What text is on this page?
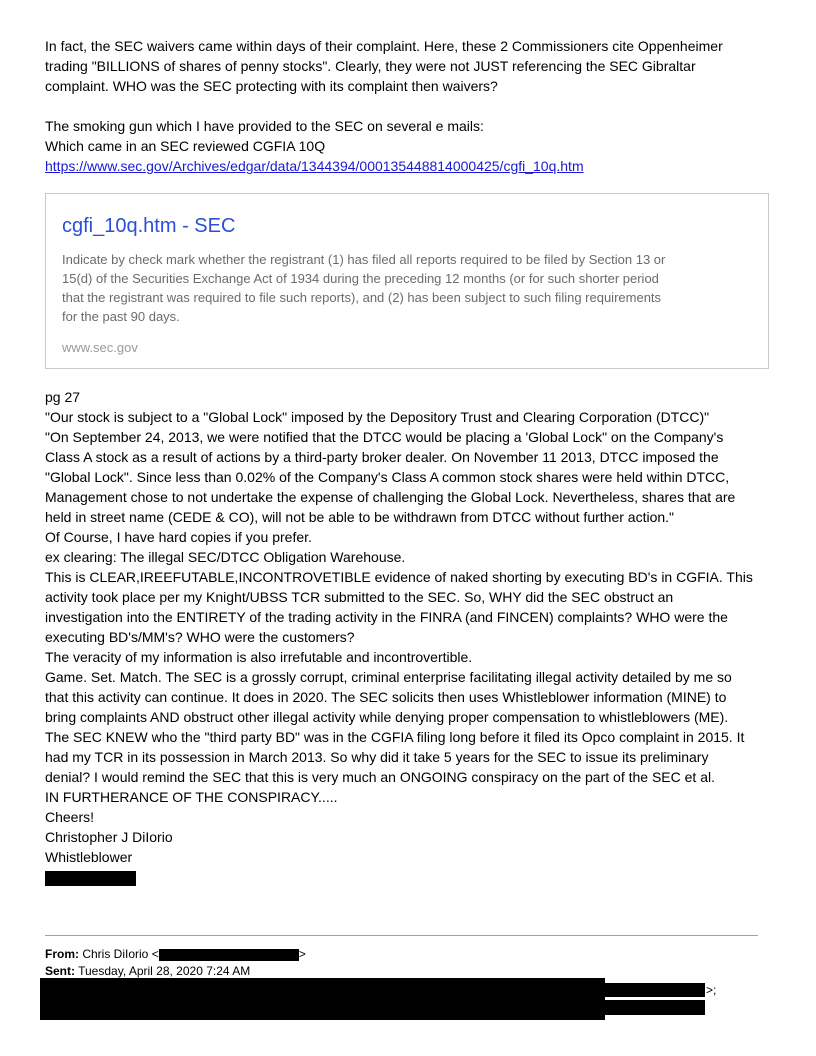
In fact, the SEC waivers came within days of their complaint. Here, these 2 Commissioners cite Oppenheimer

trading "BILLIONS of shares of penny stocks". Clearly, they were not JUST referencing the SEC Gibraltar

complaint. WHO was the SEC protecting with its complaint then waivers?

The smoking gun which I have provided to the SEC on several e mails:

Which came in an SEC reviewed CGFIA 10Q

https://www.sec.gov/Archives/edgar/data/1344394/000135448814000425/cgfi_10q.htm

cgfi_10q.htm - SEC
Indicate by check mark whether the registrant (1) has filed all reports required to be filed by Section 13 or
15(d) of the Securities Exchange Act of 1934 during the preceding 12 months (or for such shorter period
that the registrant was required to file such reports), and (2) has been subject to such filing requirements
for the past 90 days.
www.sec.gov

pg 27

"Our stock is subject to a "Global Lock" imposed by the Depository Trust and Clearing Corporation (DTCC)"

"On September 24, 2013, we were notified that the DTCC would be placing a 'Global Lock" on the Company's

Class A stock as a result of actions by a third-party broker dealer. On November 11 2013, DTCC imposed the

"Global Lock". Since less than 0.02% of the Company's Class A common stock shares were held within DTCC,

Management chose to not undertake the expense of challenging the Global Lock. Nevertheless, shares that are

held in street name (CEDE & CO), will not be able to be withdrawn from DTCC without further action."

Of Course, I have hard copies if you prefer.

ex clearing: The illegal SEC/DTCC Obligation Warehouse.

This is CLEAR,IREEFUTABLE,INCONTROVETIBLE evidence of naked shorting by executing BD's in CGFIA. This

activity took place per my Knight/UBSS TCR submitted to the SEC. So, WHY did the SEC obstruct an

investigation into the ENTIRETY of the trading activity in the FINRA (and FINCEN) complaints? WHO were the

executing BD's/MM's? WHO were the customers?

The veracity of my information is also irrefutable and incontrovertible.

Game. Set. Match. The SEC is a grossly corrupt, criminal enterprise facilitating illegal activity detailed by me so

that this activity can continue. It does in 2020. The SEC solicits then uses Whistleblower information (MINE) to

bring complaints AND obstruct other illegal activity while denying proper compensation to whistleblowers (ME).

The SEC KNEW who the "third party BD" was in the CGFIA filing long before it filed its Opco complaint in 2015. It

had my TCR in its possession in March 2013. So why did it take 5 years for the SEC to issue its preliminary

denial? I would remind the SEC that this is very much an ONGOING conspiracy on the part of the SEC et al.

IN FURTHERANCE OF THE CONSPIRACY.....

Cheers!

Christopher J DiIorio

Whistleblower

From: Chris DiIorio <	>
Sent: Tuesday, April 28, 2020 7:24 AM
>;
